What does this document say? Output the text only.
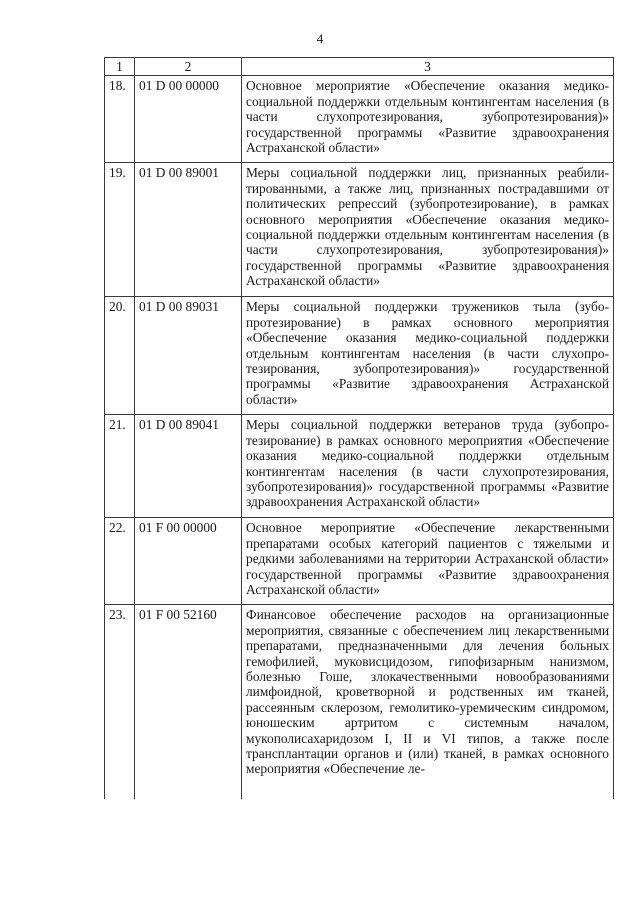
4
1	2	3
18.	01 D 00 00000	Основное мероприятие «Обеспечение оказания медико-социальной поддержки отдельным контингентам населения (в части слухопротезирования, зубопротезирования)» государственной программы «Развитие здравоохранения Астраханской области»
19.	01 D 00 89001	Меры социальной поддержки лиц, признанных реабилитированными, а также лиц, признанных пострадавшими от политических репрессий (зубопротезирование), в рамках основного мероприятия «Обеспечение оказания медико-социальной поддержки отдельным контингентам населения (в части слухопротезирования, зубопротезирования)» государственной программы «Развитие здравоохранения Астраханской области»
20.	01 D 00 89031	Меры социальной поддержки тружеников тыла (зубопротезирование) в рамках основного мероприятия «Обеспечение оказания медико-социальной поддержки отдельным контингентам населения (в части слухопротезирования, зубопротезирования)» государственной программы «Развитие здравоохранения Астраханской области»
21.	01 D 00 89041	Меры социальной поддержки ветеранов труда (зубопротезирование) в рамках основного мероприятия «Обеспечение оказания медико-социальной поддержки отдельным контингентам населения (в части слухопротезирования, зубопротезирования)» государственной программы «Развитие здравоохранения Астраханской области»
22.	01 F 00 00000	Основное мероприятие «Обеспечение лекарственными препаратами особых категорий пациентов с тяжелыми и редкими заболеваниями на территории Астраханской области» государственной программы «Развитие здравоохранения Астраханской области»
23.	01 F 00 52160	Финансовое обеспечение расходов на организационные мероприятия, связанные с обеспечением лиц лекарственными препаратами, предназначенными для лечения больных гемофилией, муковисцидозом, гипофизарным нанизмом, болезнью Гоше, злокачественными новообразованиями лимфоидной, кроветворной и родственных им тканей, рассеянным склерозом, гемолитико-уремическим синдромом, юношеским артритом с системным началом, мукополисахаридозом I, II и VI типов, а также после трансплантации органов и (или) тканей, в рамках основного мероприятия «Обеспечение ле-
